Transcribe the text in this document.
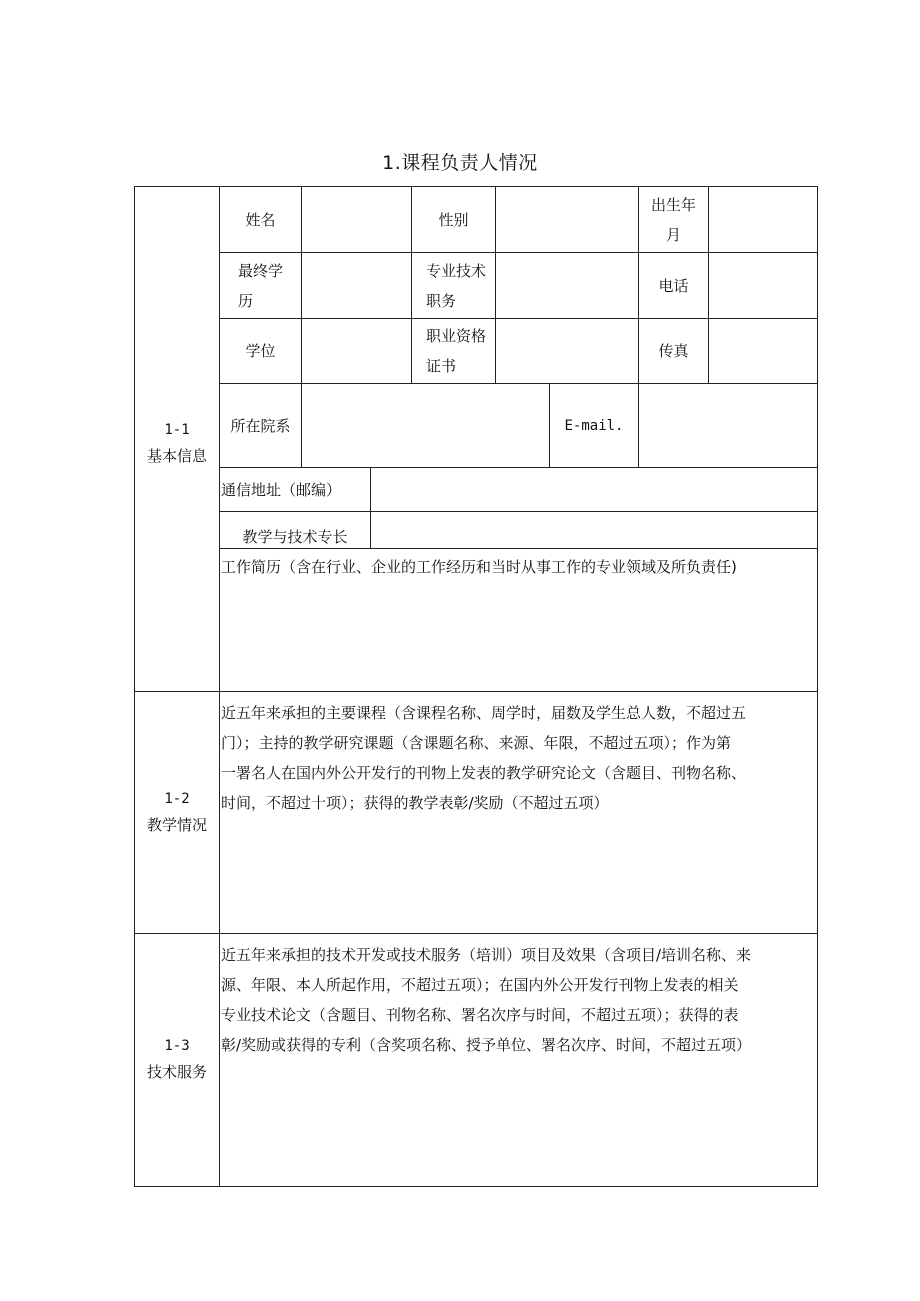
1.课程负责人情况
1-1
基本信息
1-2
教学情况
1-3
技术服务
姓名	性别
出生年
月
最终学
历
专业技术
职务
电话
学位
职业资格
证书
传真
所在院系	E-mail.
通信地址（邮编）
教学与技术专长
工作简历（含在行业、企业的工作经历和当时从事工作的专业领域及所负责任)
近五年来承担的主要课程（含课程名称、周学时，届数及学生总人数，不超过五
门）；主持的教学研究课题（含课题名称、来源、年限，不超过五项）；作为第
一署名人在国内外公开发行的刊物上发表的教学研究论文（含题目、刊物名称、
时间，不超过十项）；获得的教学表彰/奖励（不超过五项）
近五年来承担的技术开发或技术服务（培训）项目及效果（含项目/培训名称、来
源、年限、本人所起作用，不超过五项）；在国内外公开发行刊物上发表的相关
专业技术论文（含题目、刊物名称、署名次序与时间，不超过五项）；获得的表
彰/奖励或获得的专利（含奖项名称、授予单位、署名次序、时间，不超过五项）
